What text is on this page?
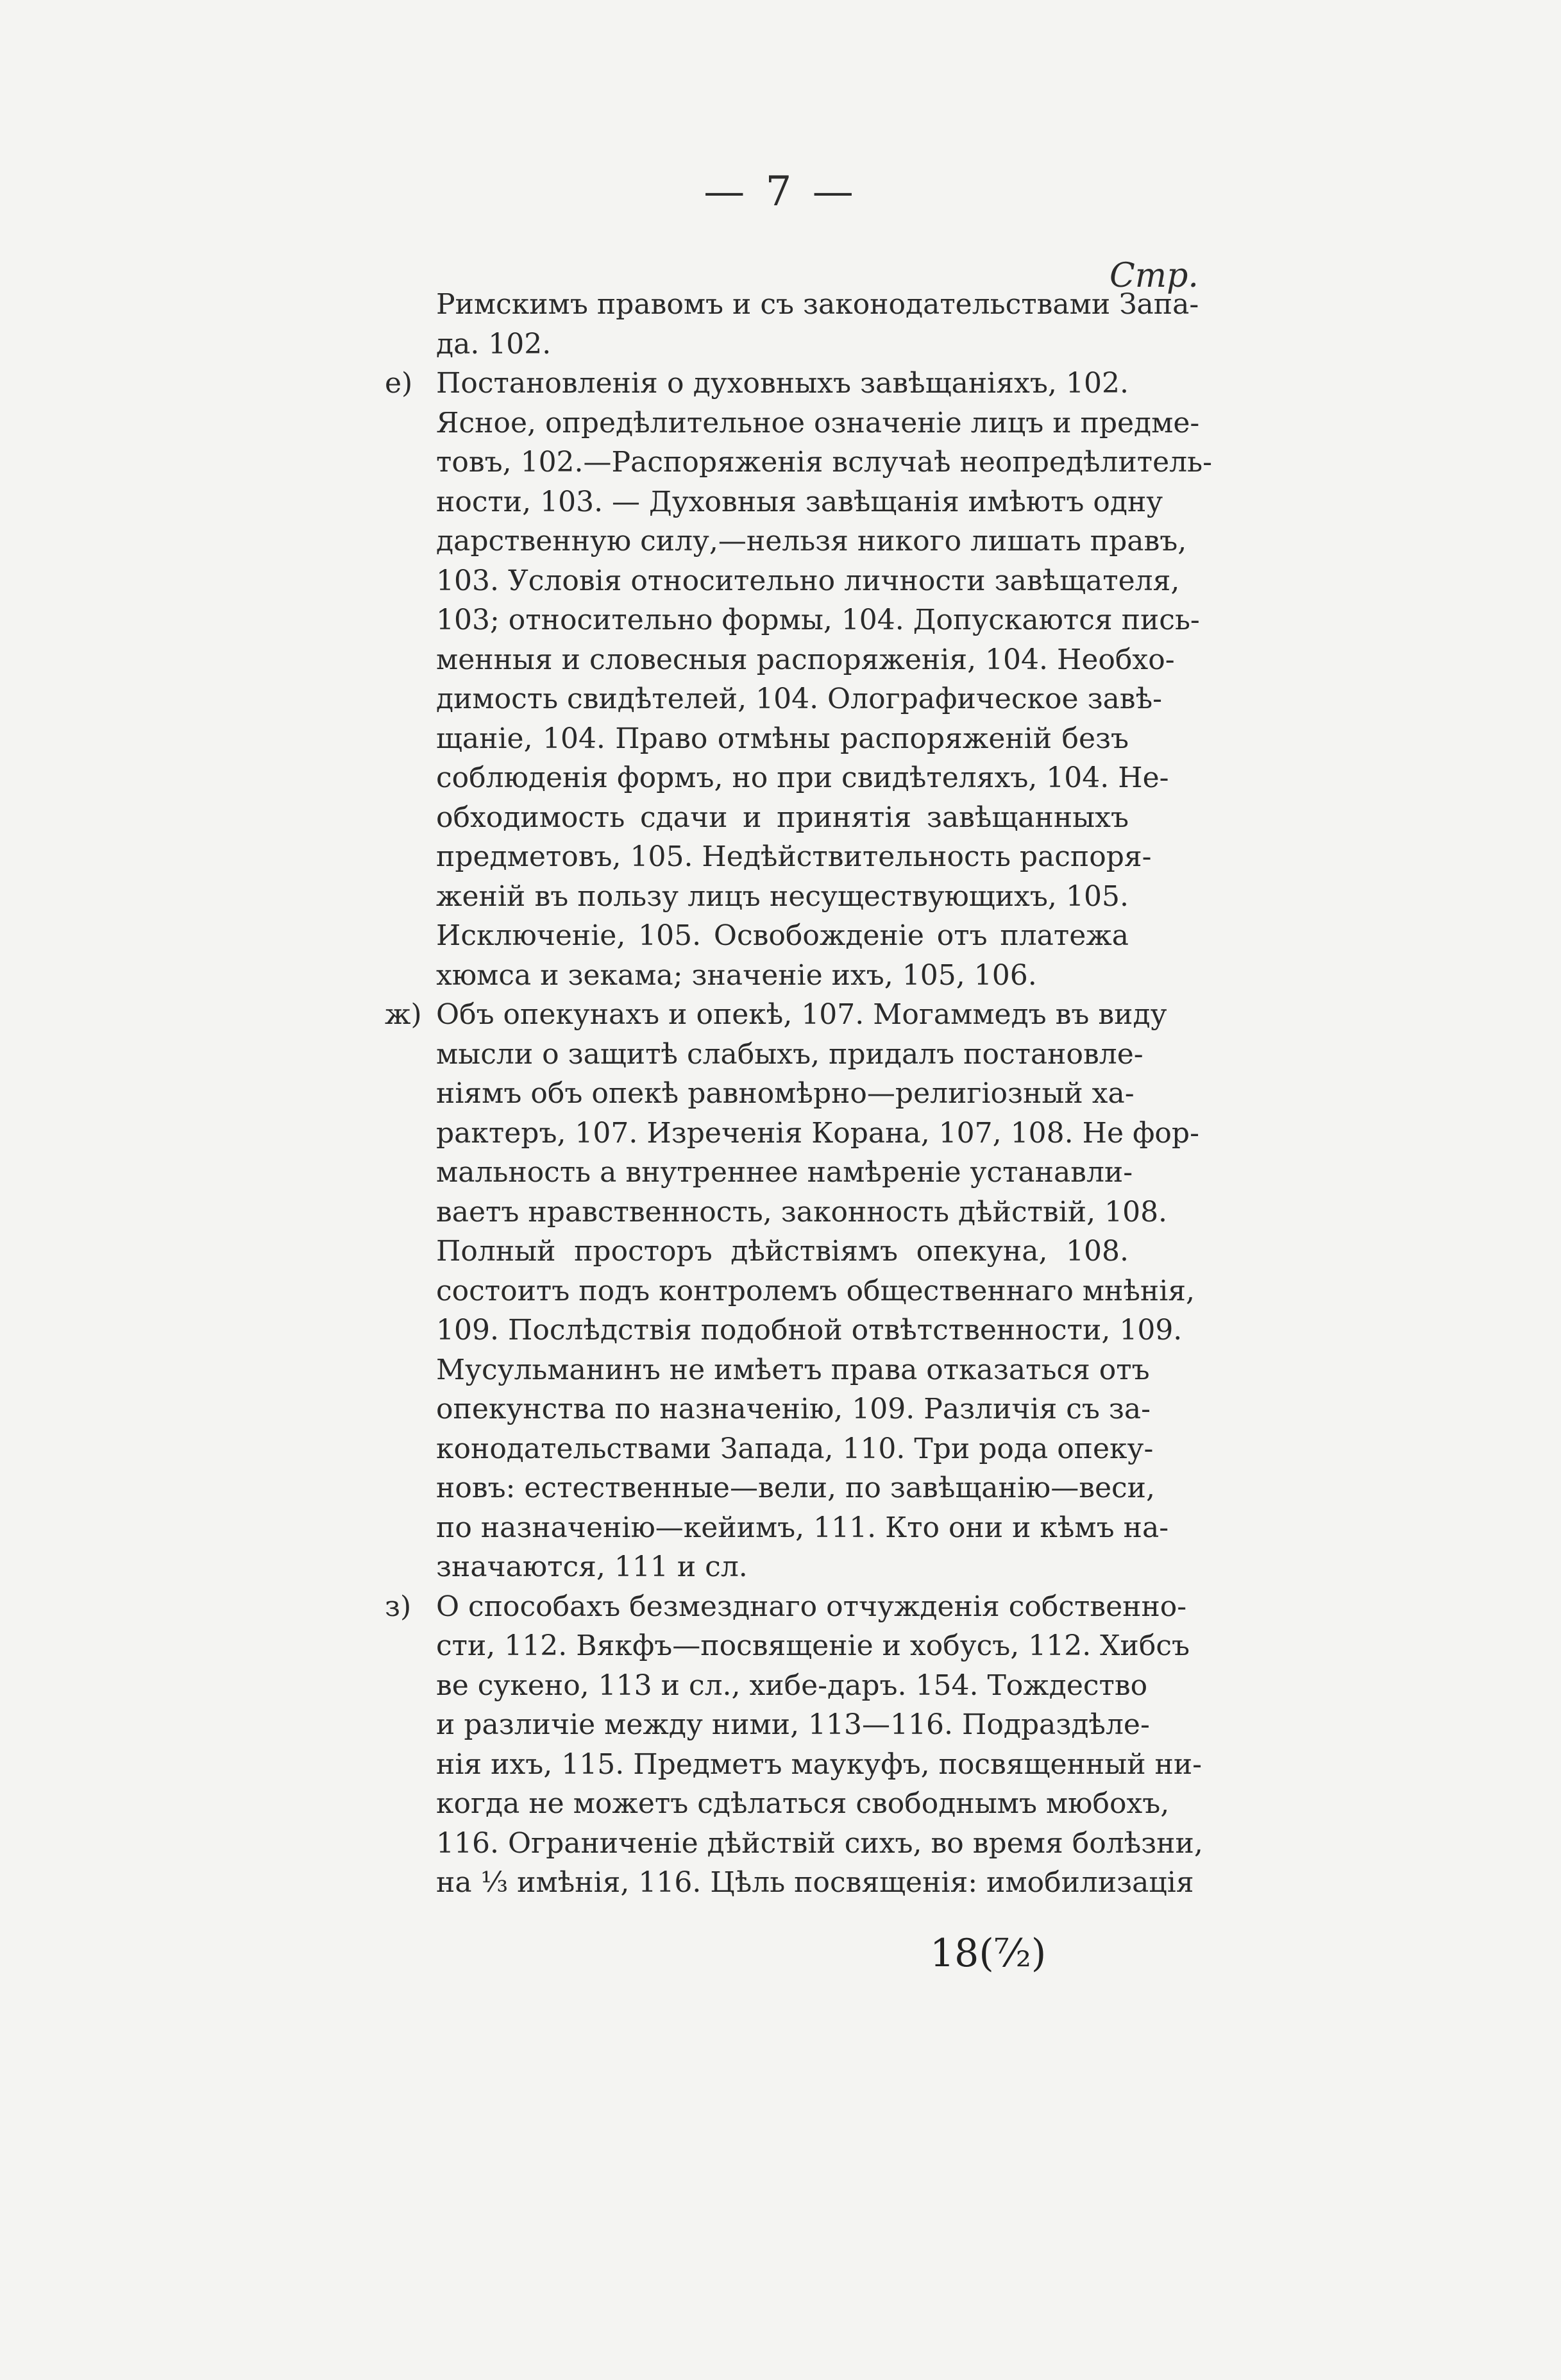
— 7 —
Стр.
Римскимъ правомъ и съ законодательствами Запа-
да. 102.
е) Постановленія о духовныхъ завѣщаніяхъ, 102.
Ясное, опредѣлительное означеніе лицъ и предме-
товъ, 102.—Распоряженія вслучаѣ неопредѣлитель-
ности, 103. — Духовныя завѣщанія имѣютъ одну
дарственную силу,—нельзя никого лишать правъ,
103. Условія относительно личности завѣщателя,
103; относительно формы, 104. Допускаются пись-
менныя и словесныя распоряженія, 104. Необхо-
димость свидѣтелей, 104. Олографическое завѣ-
щаніе, 104. Право отмѣны распоряженій безъ
соблюденія формъ, но при свидѣтеляхъ, 104. Не-
обходимость сдачи и принятія завѣщанныхъ
предметовъ, 105. Недѣйствительность распоря-
женій въ пользу лицъ несуществующихъ, 105.
Исключеніе, 105. Освобожденіе отъ платежа
хюмса и зекама; значеніе ихъ, 105, 106.
ж) Объ опекунахъ и опекѣ, 107. Могаммедъ въ виду
мысли о защитѣ слабыхъ, придалъ постановле-
ніямъ объ опекѣ равномѣрно—религіозный ха-
рактеръ, 107. Изреченія Корана, 107, 108. Не фор-
мальность а внутреннее намѣреніе устанавли-
ваетъ нравственность, законность дѣйствій, 108.
Полный просторъ дѣйствіямъ опекуна, 108.
состоитъ подъ контролемъ общественнаго мнѣнія,
109. Послѣдствія подобной отвѣтственности, 109.
Мусульманинъ не имѣетъ права отказаться отъ
опекунства по назначенію, 109. Различія съ за-
конодательствами Запада, 110. Три рода опеку-
новъ: естественные—вели, по завѣщанію—веси,
по назначенію—кейимъ, 111. Кто они и кѣмъ на-
значаются, 111 и сл.
з) О способахъ безмезднаго отчужденія собственно-
сти, 112. Вякфъ—посвященіе и хобусъ, 112. Хибсъ
ве сукено, 113 и сл., хибе-даръ. 154. Тождество
и различіе между ними, 113—116. Подраздѣле-
нія ихъ, 115. Предметъ маукуфъ, посвященный ни-
когда не можетъ сдѣлаться свободнымъ мюбохъ,
116. Ограниченіе дѣйствій сихъ, во время болѣзни,
на ⅓ имѣнія, 116. Цѣль посвященія: имобилизація
18(⁷⁄₂)
